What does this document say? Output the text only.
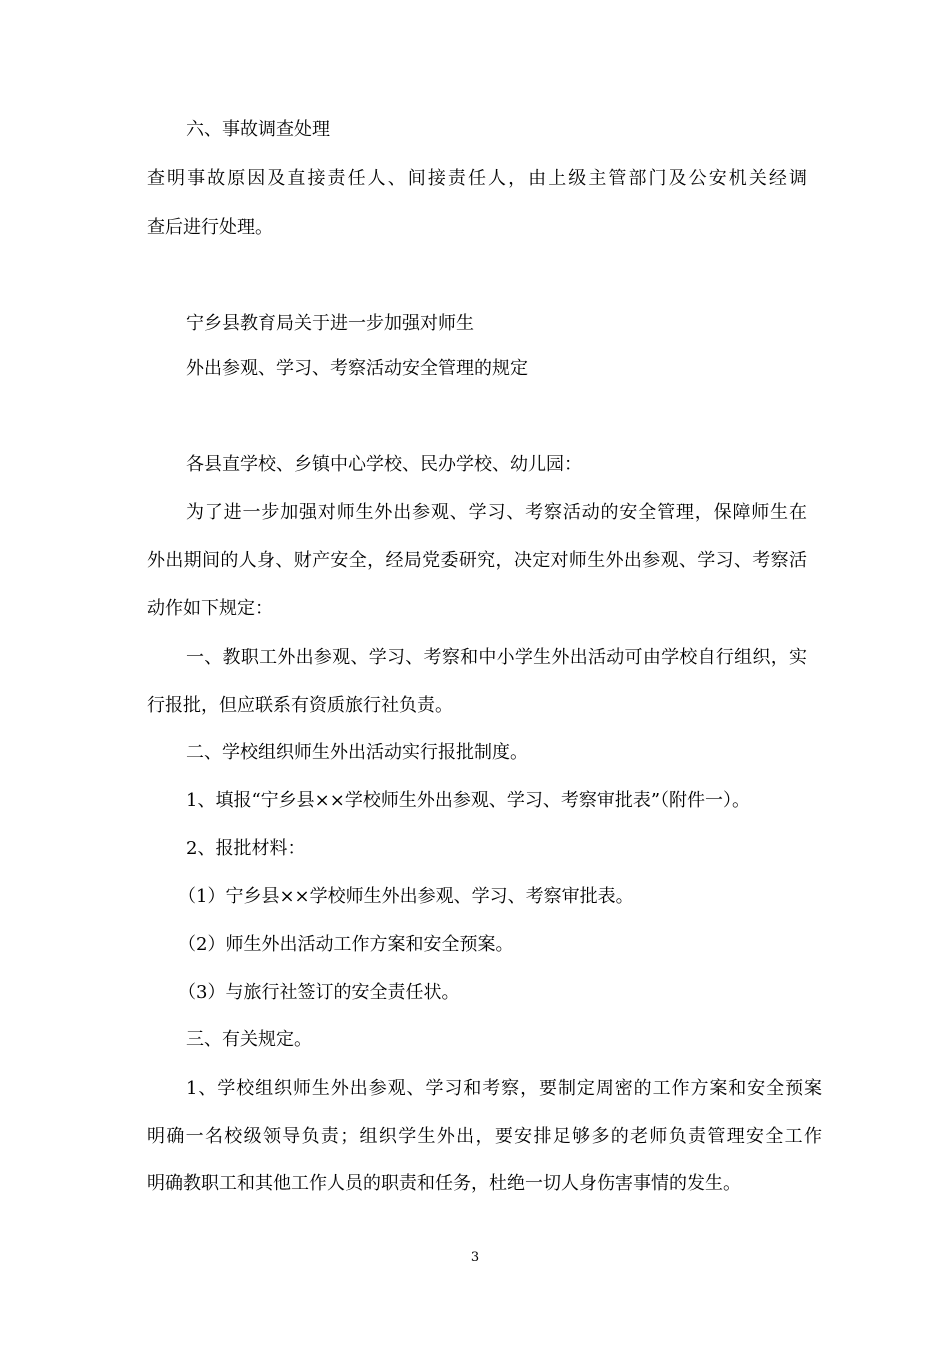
六、事故调查处理

查明事故原因及直接责任人、间接责任人，由上级主管部门及公安机关经调

查后进行处理。

宁乡县教育局关于进一步加强对师生

外出参观、学习、考察活动安全管理的规定

各县直学校、乡镇中心学校、民办学校、幼儿园：

为了进一步加强对师生外出参观、学习、考察活动的安全管理，保障师生在

外出期间的人身、财产安全，经局党委研究，决定对师生外出参观、学习、考察活

动作如下规定：

一、教职工外出参观、学习、考察和中小学生外出活动可由学校自行组织，实

行报批，但应联系有资质旅行社负责。

二、学校组织师生外出活动实行报批制度。

1、填报“宁乡县××学校师生外出参观、学习、考察审批表”（附件一）。

2、报批材料：

（1）宁乡县××学校师生外出参观、学习、考察审批表。

（2）师生外出活动工作方案和安全预案。

（3）与旅行社签订的安全责任状。

三、有关规定。

1、学校组织师生外出参观、学习和考察，要制定周密的工作方案和安全预案

明确一名校级领导负责；组织学生外出，要安排足够多的老师负责管理安全工作

明确教职工和其他工作人员的职责和任务，杜绝一切人身伤害事情的发生。

3
